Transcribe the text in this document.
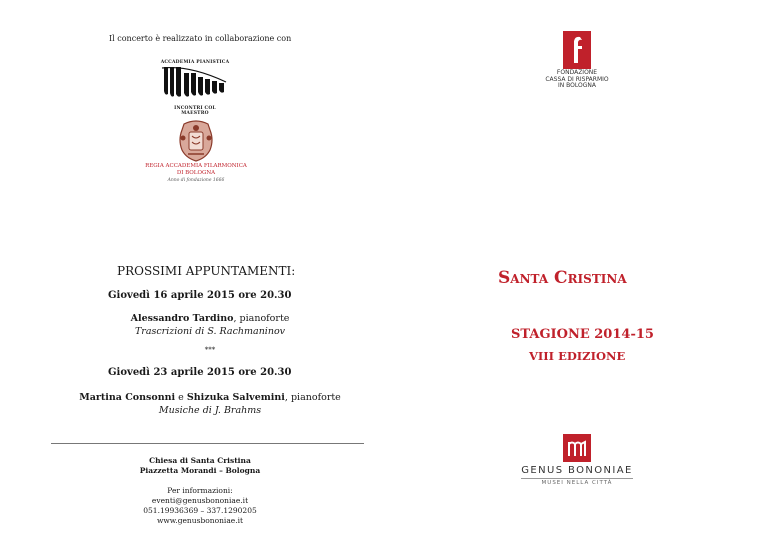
Il concerto è realizzato in collaborazione con
ACCADEMIA PIANISTICA
INCONTRI COL MAESTRO
REGIA ACCADEMIA FILARMONICA
DI BOLOGNA
Anno di fondazione 1666
PROSSIMI APPUNTAMENTI:
Giovedì 16 aprile 2015 ore 20.30
Alessandro Tardino, pianoforte
Trascrizioni di S. Rachmaninov
***
Giovedì 23 aprile 2015 ore 20.30
Martina Consonni e Shizuka Salvemini, pianoforte
Musiche di J. Brahms
Chiesa di Santa Cristina
Piazzetta Morandi – Bologna
Per informazioni:
eventi@genusbononiae.it
051.19936369 – 337.1290205
www.genusbononiae.it
FONDAZIONE
CASSA DI RISPARMIO
IN BOLOGNA
Santa Cristina
STAGIONE 2014-15
VIII EDIZIONE
GENUS BONONIAE
MUSEI NELLA CITTÀ
